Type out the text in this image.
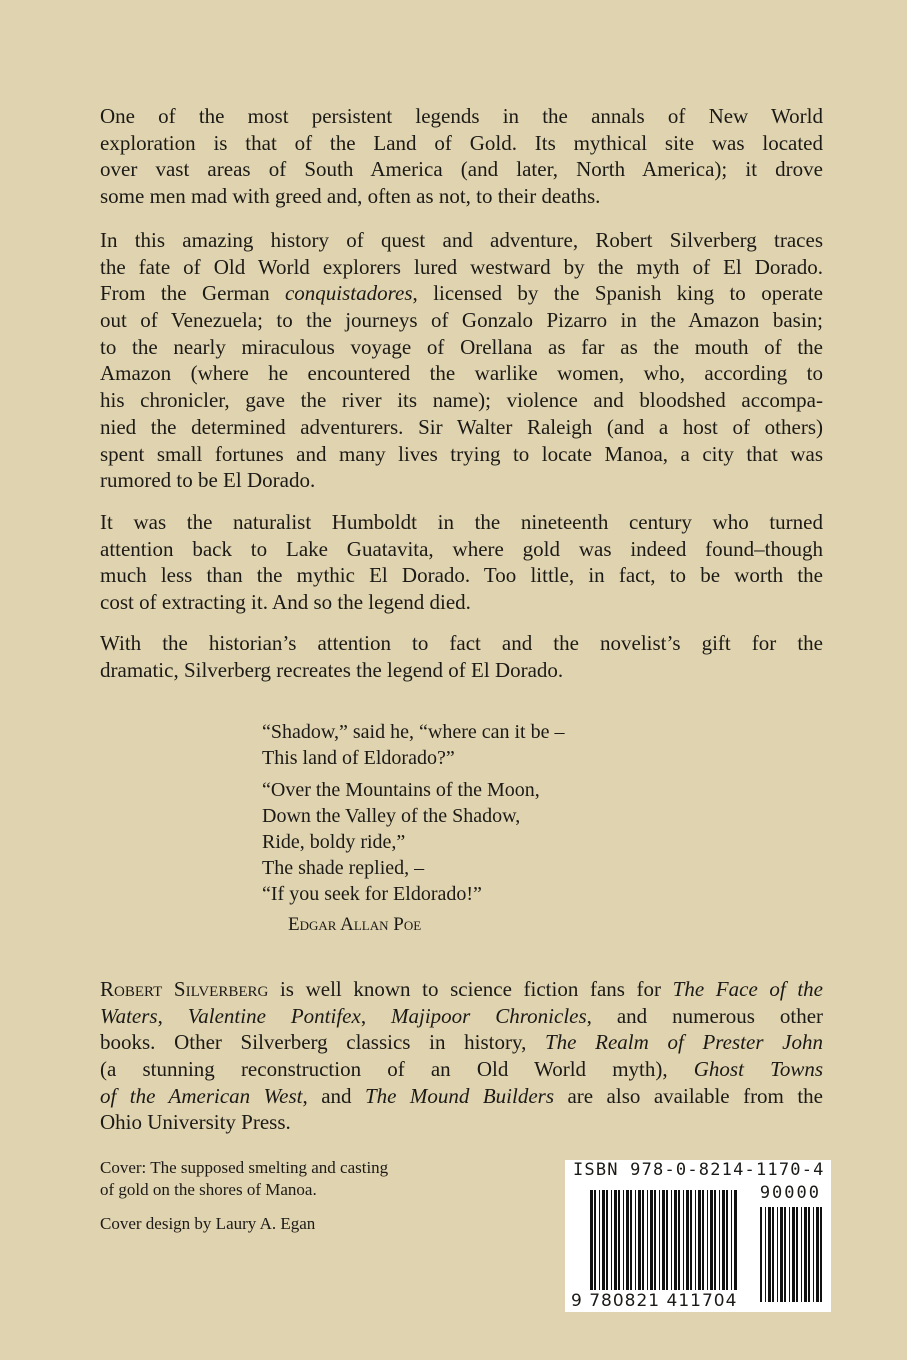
One of the most persistent legends in the annals of New World
exploration is that of the Land of Gold. Its mythical site was located
over vast areas of South America (and later, North America); it drove
some men mad with greed and, often as not, to their deaths.
In this amazing history of quest and adventure, Robert Silverberg traces
the fate of Old World explorers lured westward by the myth of El Dorado.
From the German conquistadores, licensed by the Spanish king to operate
out of Venezuela; to the journeys of Gonzalo Pizarro in the Amazon basin;
to the nearly miraculous voyage of Orellana as far as the mouth of the
Amazon (where he encountered the warlike women, who, according to
his chronicler, gave the river its name); violence and bloodshed accompa-
nied the determined adventurers. Sir Walter Raleigh (and a host of others)
spent small fortunes and many lives trying to locate Manoa, a city that was
rumored to be El Dorado.
It was the naturalist Humboldt in the nineteenth century who turned
attention back to Lake Guatavita, where gold was indeed found–though
much less than the mythic El Dorado. Too little, in fact, to be worth the
cost of extracting it. And so the legend died.
With the historian’s attention to fact and the novelist’s gift for the
dramatic, Silverberg recreates the legend of El Dorado.
Robert Silverberg is well known to science fiction fans for The Face of the
Waters, Valentine Pontifex, Majipoor Chronicles, and numerous other
books. Other Silverberg classics in history, The Realm of Prester John
(a stunning reconstruction of an Old World myth), Ghost Towns
of the American West, and The Mound Builders are also available from the
Ohio University Press.
“Shadow,” said he, “where can it be –
This land of Eldorado?”
“Over the Mountains of the Moon,
Down the Valley of the Shadow,
Ride, boldy ride,”
The shade replied, –
“If you seek for Eldorado!”
Edgar Allan Poe
Cover: The supposed smelting and casting
of gold on the shores of Manoa.
Cover design by Laury A. Egan
ISBN 978-0-8214-1170-4
90000
9 780821 411704
